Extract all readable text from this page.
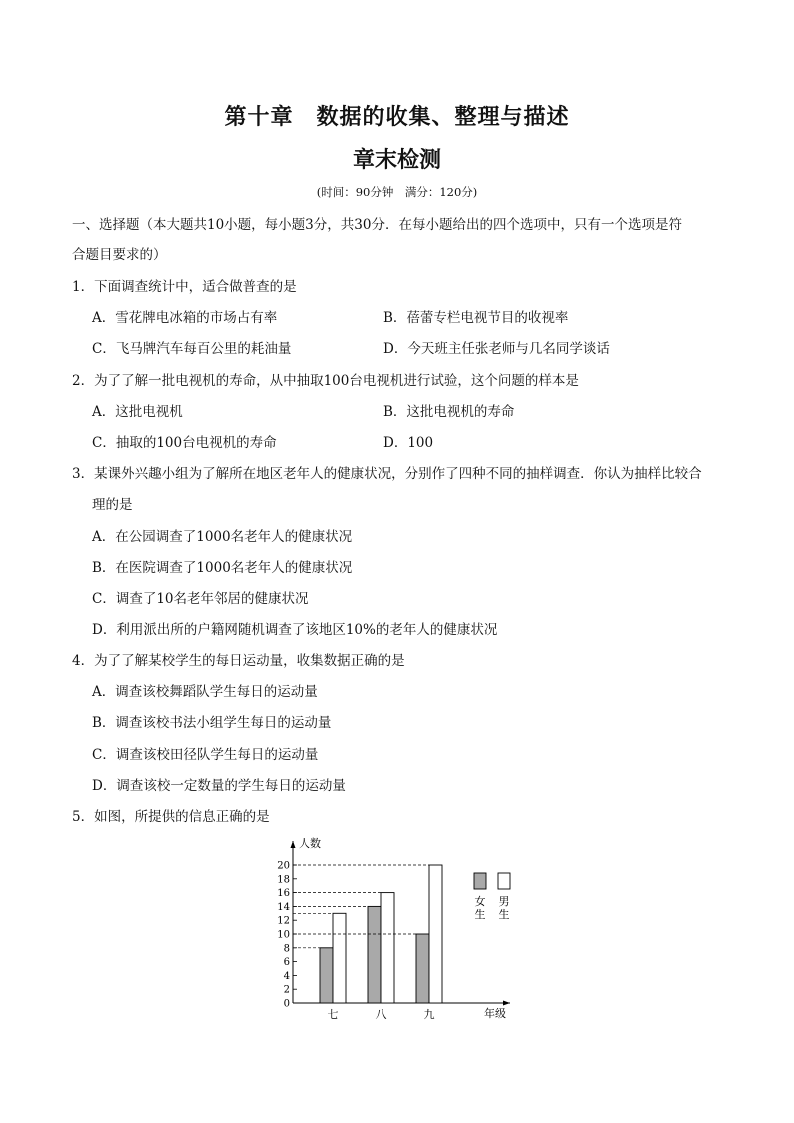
第十章　数据的收集、整理与描述
章末检测
(时间：90分钟　满分：120分)
一、选择题（本大题共10小题，每小题3分，共30分．在每小题给出的四个选项中，只有一个选项是符
合题目要求的）
1．下面调查统计中，适合做普查的是
A．雪花牌电冰箱的市场占有率	B．蓓蕾专栏电视节目的收视率
C．飞马牌汽车每百公里的耗油量	D．今天班主任张老师与几名同学谈话
2．为了了解一批电视机的寿命，从中抽取100台电视机进行试验，这个问题的样本是
A．这批电视机	B．这批电视机的寿命
C．抽取的100台电视机的寿命	D．100
3．某课外兴趣小组为了解所在地区老年人的健康状况，分别作了四种不同的抽样调查．你认为抽样比较合
理的是
A．在公园调查了1000名老年人的健康状况
B．在医院调查了1000名老年人的健康状况
C．调查了10名老年邻居的健康状况
D．利用派出所的户籍网随机调查了该地区10%的老年人的健康状况
4．为了了解某校学生的每日运动量，收集数据正确的是
A．调查该校舞蹈队学生每日的运动量
B．调查该校书法小组学生每日的运动量
C．调查该校田径队学生每日的运动量
D．调查该校一定数量的学生每日的运动量
5．如图，所提供的信息正确的是
0
2
4
6
8
10
12
14
16
18
20
人数
年级
七	八	九
女
生
男
生
